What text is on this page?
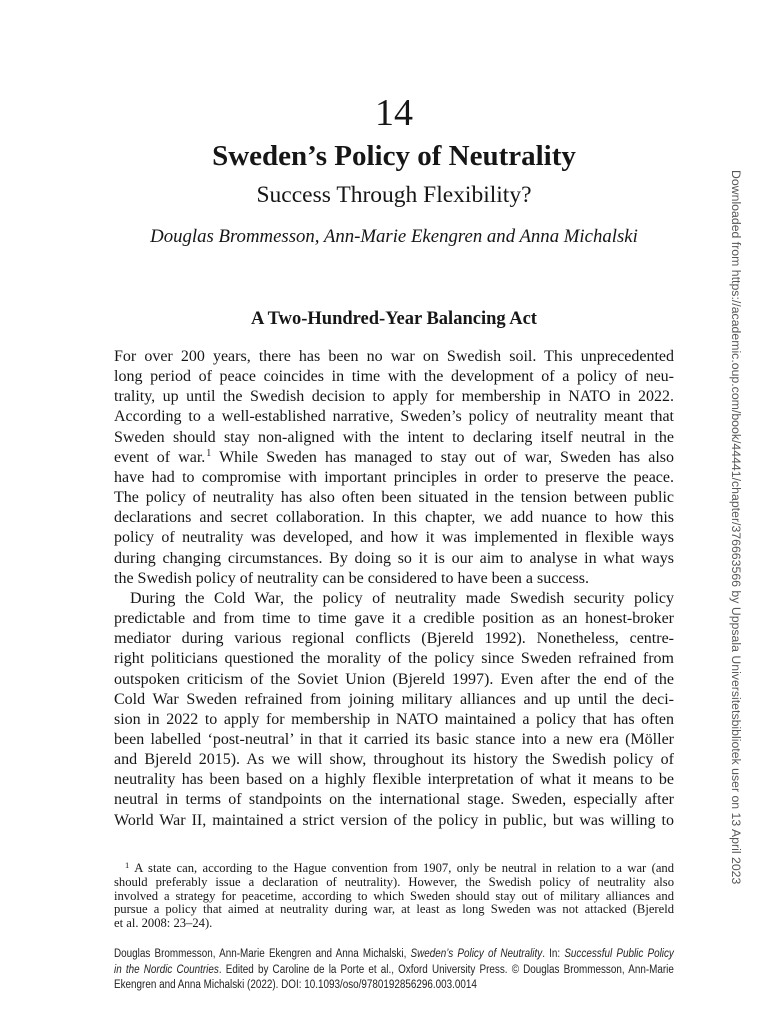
14
Sweden’s Policy of Neutrality
Success Through Flexibility?
Douglas Brommesson, Ann-Marie Ekengren and Anna Michalski
A Two-Hundred-Year Balancing Act
For over 200 years, there has been no war on Swedish soil. This unprecedented
long period of peace coincides in time with the development of a policy of neu-
trality, up until the Swedish decision to apply for membership in NATO in 2022.
According to a well-established narrative, Sweden’s policy of neutrality meant that
Sweden should stay non-aligned with the intent to declaring itself neutral in the
event of war.$^1$ While Sweden has managed to stay out of war, Sweden has also
have had to compromise with important principles in order to preserve the peace.
The policy of neutrality has also often been situated in the tension between public
declarations and secret collaboration. In this chapter, we add nuance to how this
policy of neutrality was developed, and how it was implemented in flexible ways
during changing circumstances. By doing so it is our aim to analyse in what ways
the Swedish policy of neutrality can be considered to have been a success.
During the Cold War, the policy of neutrality made Swedish security policy
predictable and from time to time gave it a credible position as an honest-broker
mediator during various regional conflicts (Bjereld 1992). Nonetheless, centre-
right politicians questioned the morality of the policy since Sweden refrained from
outspoken criticism of the Soviet Union (Bjereld 1997). Even after the end of the
Cold War Sweden refrained from joining military alliances and up until the deci-
sion in 2022 to apply for membership in NATO maintained a policy that has often
been labelled ‘post-neutral’ in that it carried its basic stance into a new era (Möller
and Bjereld 2015). As we will show, throughout its history the Swedish policy of
neutrality has been based on a highly flexible interpretation of what it means to be
neutral in terms of standpoints on the international stage. Sweden, especially after
World War II, maintained a strict version of the policy in public, but was willing to
$^1$ A state can, according to the Hague convention from 1907, only be neutral in relation to a war (and
should preferably issue a declaration of neutrality). However, the Swedish policy of neutrality also
involved a strategy for peacetime, according to which Sweden should stay out of military alliances and
pursue a policy that aimed at neutrality during war, at least as long Sweden was not attacked (Bjereld
et al. 2008: 23–24).
Douglas Brommesson, Ann-Marie Ekengren and Anna Michalski, Sweden’s Policy of Neutrality. In: Successful Public Policy
in the Nordic Countries. Edited by Caroline de la Porte et al., Oxford University Press. © Douglas Brommesson, Ann-Marie
Ekengren and Anna Michalski (2022). DOI: 10.1093/oso/9780192856296.003.0014
Downloaded from https://academic.oup.com/book/44441/chapter/376663566 by Uppsala Universitetsbibliotek user on 13 April 2023
